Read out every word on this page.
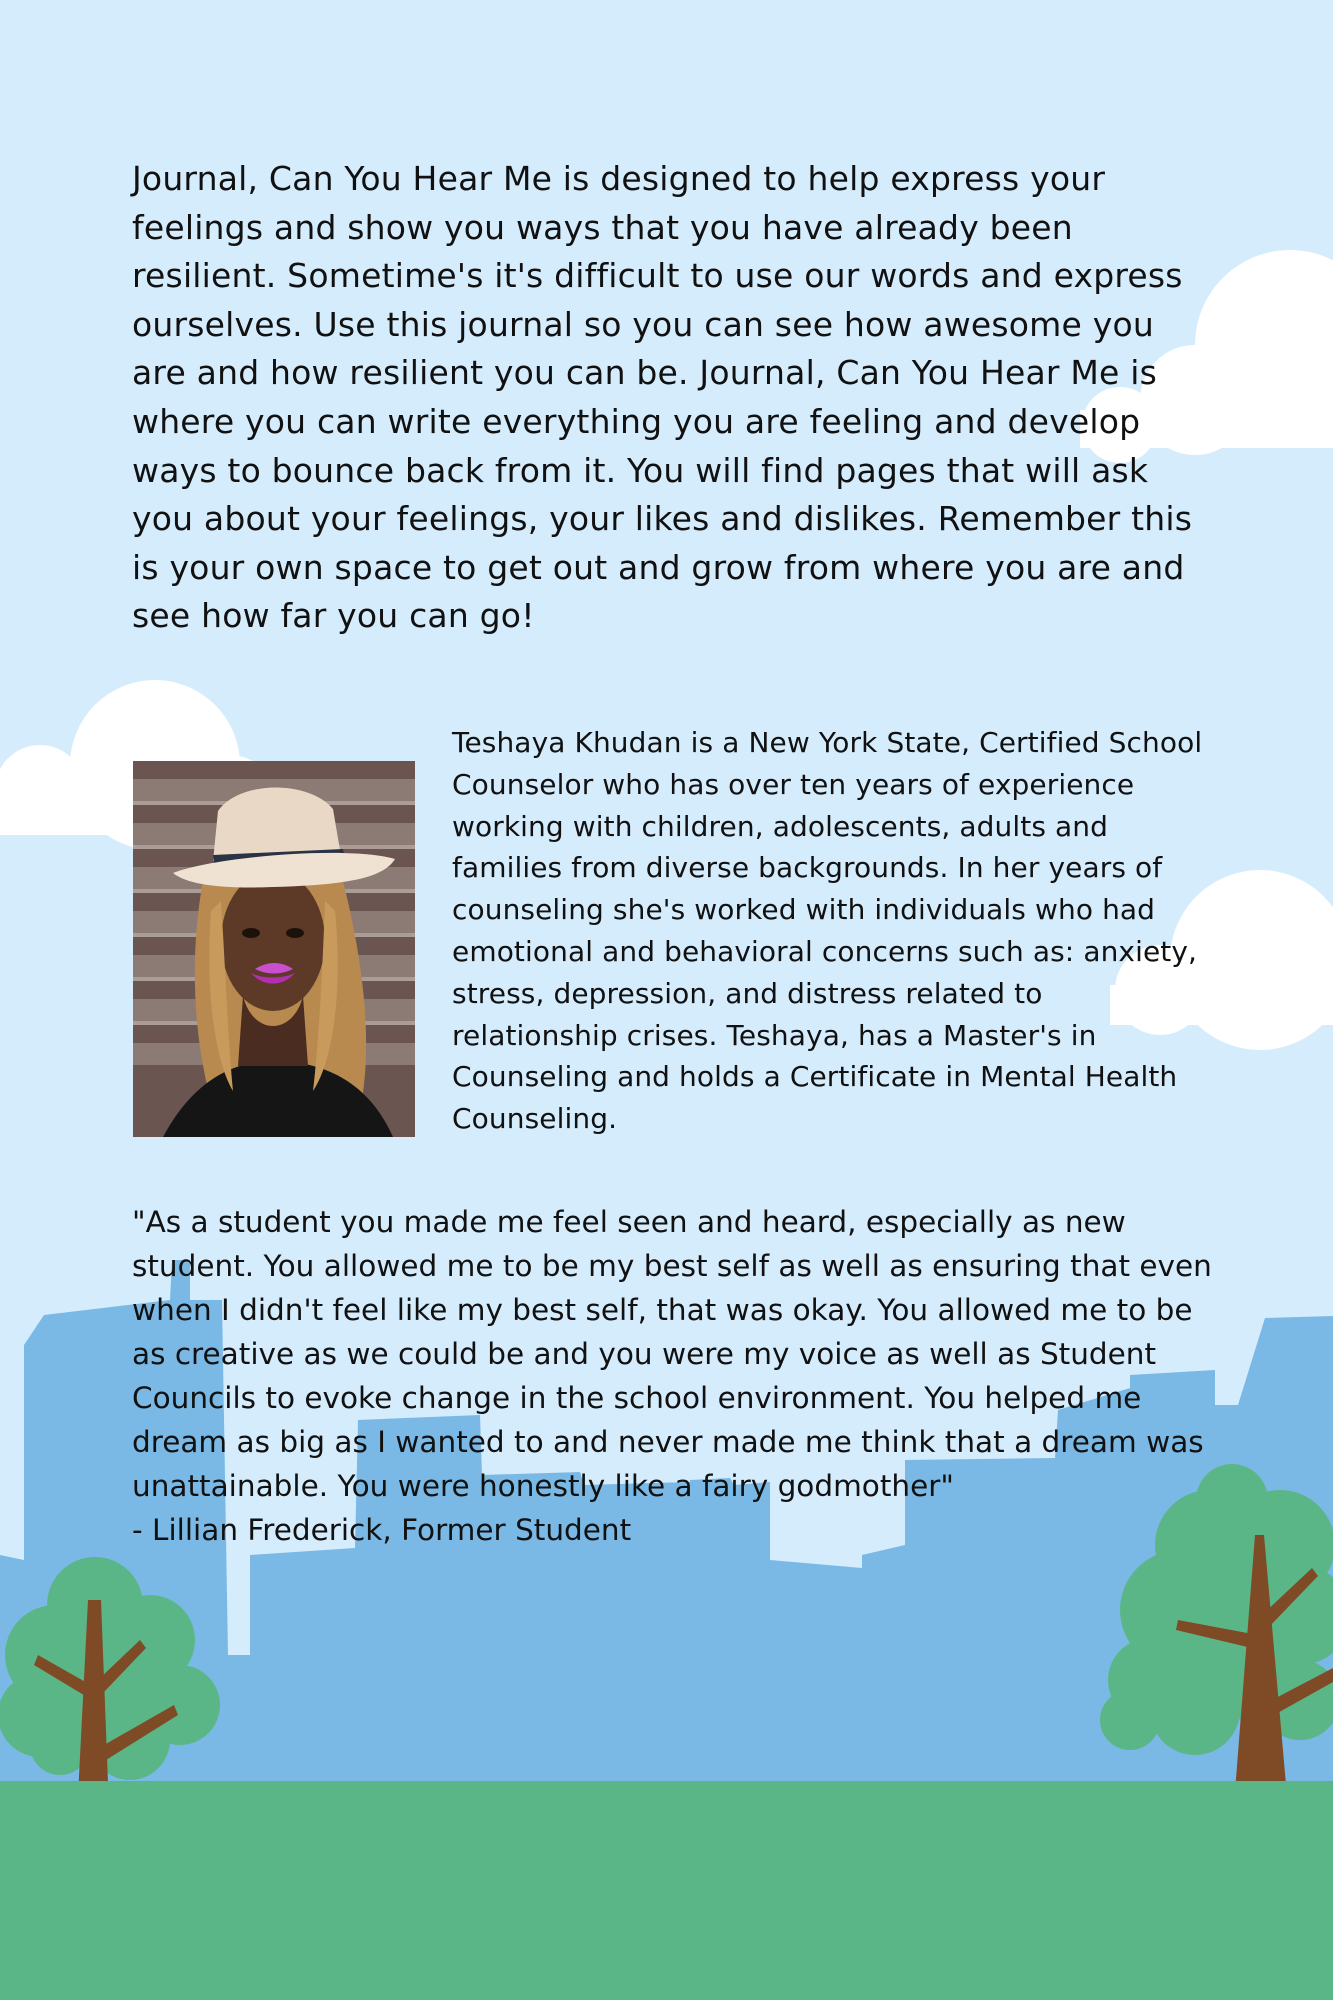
Journal, Can You Hear Me is designed to help express your feelings and show you ways that you have already been resilient. Sometime's it's difficult to use our words and express ourselves. Use this journal so you can see how awesome you are and how resilient you can be. Journal, Can You Hear Me is where you can write everything you are feeling and develop ways to bounce back from it. You will find pages that will ask you about your feelings, your likes and dislikes. Remember this is your own space to get out and grow from where you are and see how far you can go!

Teshaya Khudan is a New York State, Certified School Counselor who has over ten years of experience working with children, adolescents, adults and families from diverse backgrounds. In her years of counseling she's worked with individuals who had emotional and behavioral concerns such as: anxiety, stress, depression, and distress related to relationship crises. Teshaya, has a Master's in Counseling and holds a Certificate in Mental Health Counseling.

"As a student you made me feel seen and heard, especially as new student. You allowed me to be my best self as well as ensuring that even when I didn't feel like my best self, that was okay. You allowed me to be as creative as we could be and you were my voice as well as Student Councils to evoke change in the school environment. You helped me dream as big as I wanted to and never made me think that a dream was unattainable. You were honestly like a fairy godmother"

- Lillian Frederick, Former Student
